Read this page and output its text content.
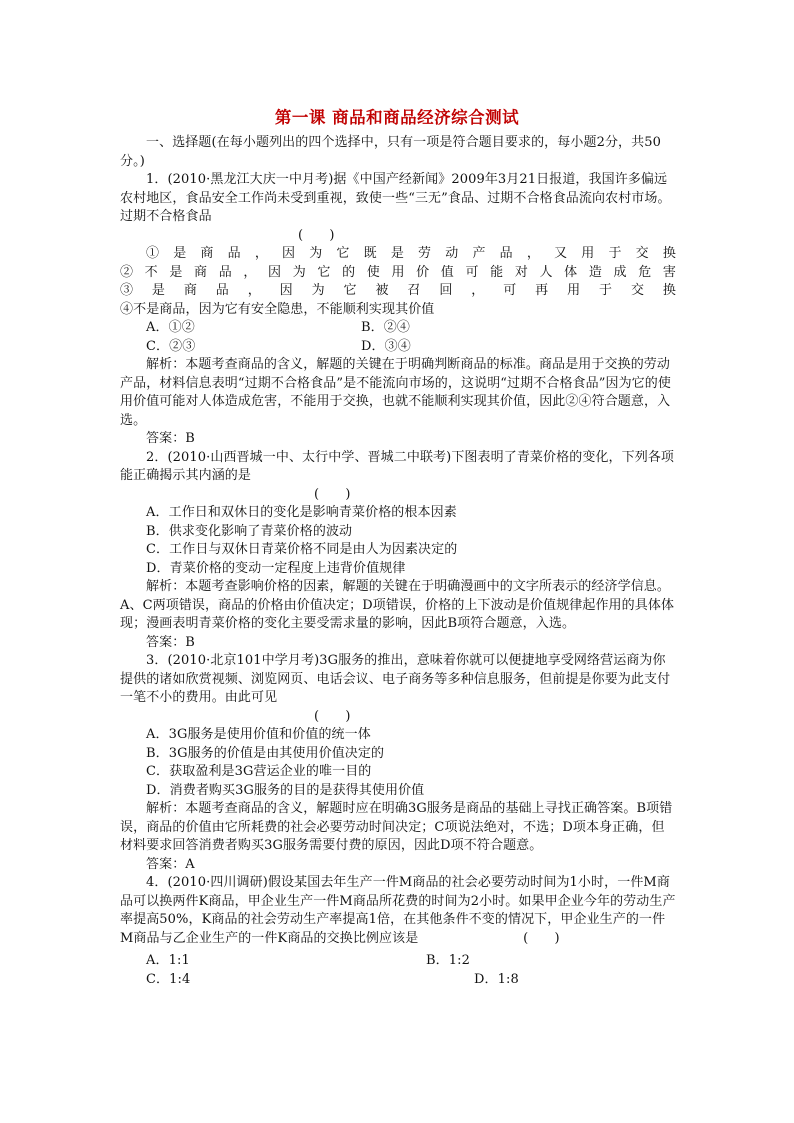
第一课 商品和商品经济综合测试

一、选择题(在每小题列出的四个选择中，只有一项是符合题目要求的，每小题2分，共50分。)

1．(2010·黑龙江大庆一中月考)据《中国产经新闻》2009年3月21日报道，我国许多偏远农村地区，食品安全工作尚未受到重视，致使一些“三无”食品、过期不合格食品流向农村市场。过期不合格食品

(　　)

①是商品，因为它既是劳动产品，又用于交换

②不是商品，因为它的使用价值可能对人体造成危害

③是商品，因为它被召回，可再用于交换

④不是商品，因为它有安全隐患，不能顺利实现其价值

A．①②	B．②④
C．②③	D．③④

解析：本题考查商品的含义，解题的关键在于明确判断商品的标准。商品是用于交换的劳动产品，材料信息表明“过期不合格食品”是不能流向市场的，这说明“过期不合格食品”因为它的使用价值可能对人体造成危害，不能用于交换，也就不能顺利实现其价值，因此②④符合题意，入选。

答案：B

2．(2010·山西晋城一中、太行中学、晋城二中联考)下图表明了青菜价格的变化，下列各项能正确揭示其内涵的是

(　　)

A．工作日和双休日的变化是影响青菜价格的根本因素

B．供求变化影响了青菜价格的波动

C．工作日与双休日青菜价格不同是由人为因素决定的

D．青菜价格的变动一定程度上违背价值规律

解析：本题考查影响价格的因素，解题的关键在于明确漫画中的文字所表示的经济学信息。A、C两项错误，商品的价格由价值决定；D项错误，价格的上下波动是价值规律起作用的具体体现；漫画表明青菜价格的变化主要受需求量的影响，因此B项符合题意，入选。

答案：B

3．(2010·北京101中学月考)3G服务的推出，意味着你就可以便捷地享受网络营运商为你提供的诸如欣赏视频、浏览网页、电话会议、电子商务等多种信息服务，但前提是你要为此支付一笔不小的费用。由此可见

(　　)

A．3G服务是使用价值和价值的统一体

B．3G服务的价值是由其使用价值决定的

C．获取盈利是3G营运企业的唯一目的

D．消费者购买3G服务的目的是获得其使用价值

解析：本题考查商品的含义，解题时应在明确3G服务是商品的基础上寻找正确答案。B项错误，商品的价值由它所耗费的社会必要劳动时间决定；C项说法绝对，不选；D项本身正确，但材料要求回答消费者购买3G服务需要付费的原因，因此D项不符合题意。

答案：A

4．(2010·四川调研)假设某国去年生产一件M商品的社会必要劳动时间为1小时，一件M商品可以换两件K商品，甲企业生产一件M商品所花费的时间为2小时。如果甲企业今年的劳动生产率提高50%，K商品的社会劳动生产率提高1倍，在其他条件不变的情况下，甲企业生产的一件M商品与乙企业生产的一件K商品的交换比例应该是　　　　　　　　(　　)

A．1:1	B．1:2
C．1:4	D．1:8
